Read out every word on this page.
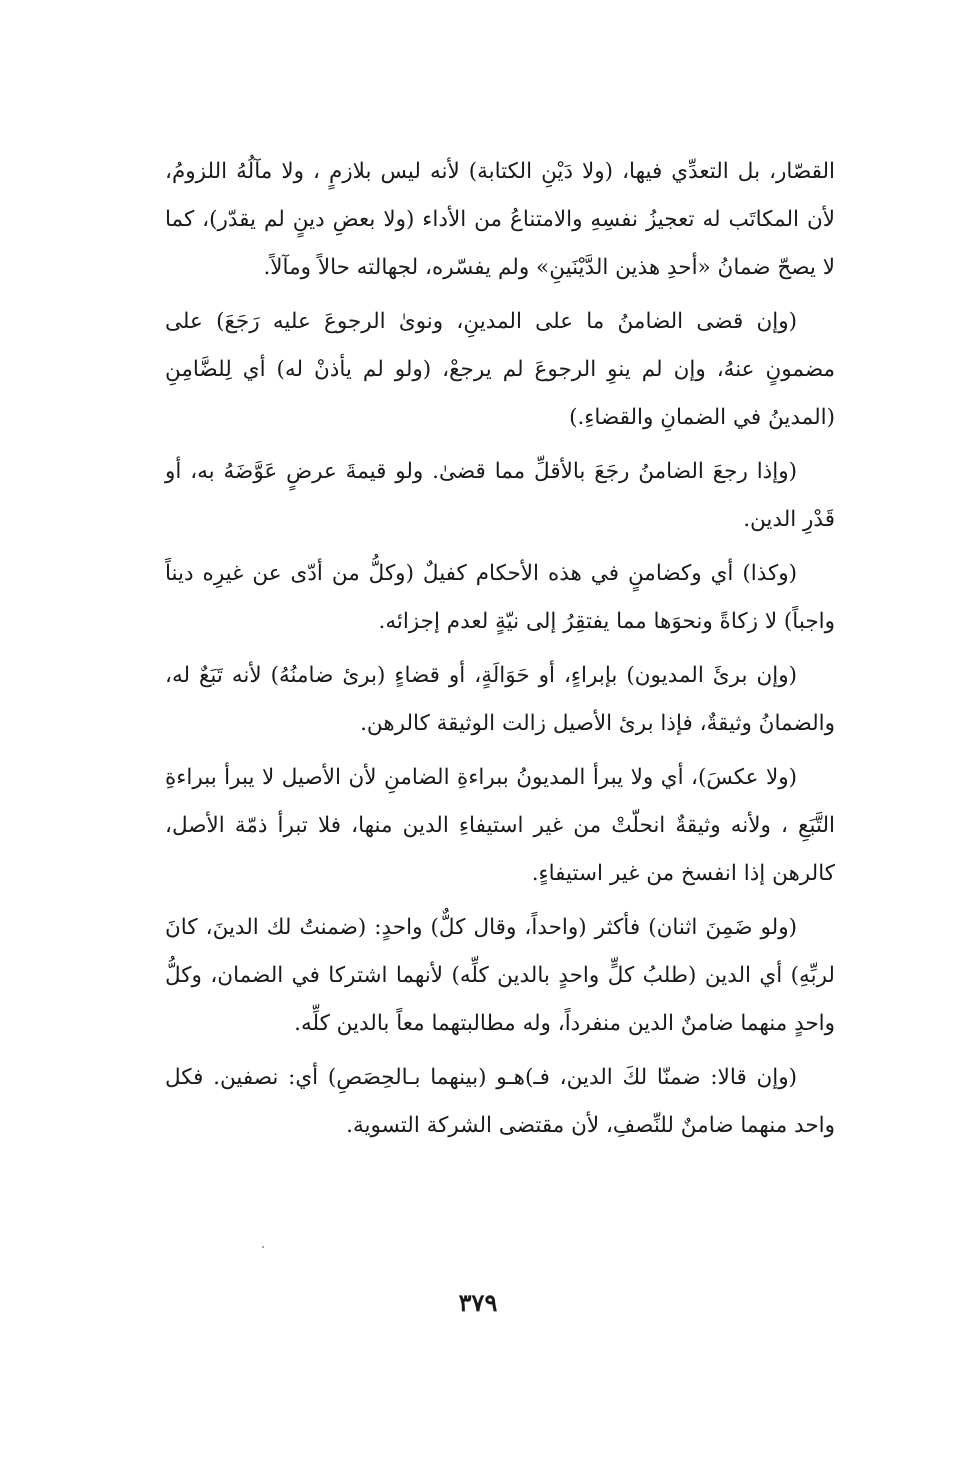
القصّار، بل التعدِّي فيها، (ولا دَيْنِ الكتابة) لأنه ليس بلازمٍ ، ولا مآلُهُ اللزومُ، لأن المكاتَب له تعجيزُ نفسِهِ والامتناعُ من الأداء (ولا بعضِ دينٍ لم يقدّر)، كما لا يصحّ ضمانُ «أحدِ هذين الدَّيْنَينِ» ولم يفسّره، لجهالته حالاً ومآلاً.

(وإن قضى الضامنُ ما على المدينِ، ونوىٰ الرجوعَ عليه رَجَعَ) على مضمونٍ عنهُ، وإن لم ينوِ الرجوعَ لم يرجعْ، (ولو لم يأذنْ له) أي لِلضَّامِنِ (المدينُ في الضمانِ والقضاءِ.)

(وإذا رجعَ الضامنُ رجَعَ بالأقلِّ مما قضىٰ. ولو قيمةَ عرضٍ عَوَّضَهُ به، أو قَدْرِ الدين.

(وكذا) أي وكضامنٍ في هذه الأحكام كفيلٌ (وكلُّ من أدّى عن غيرِه ديناً واجباً) لا زكاةً ونحوَها مما يفتقِرُ إلى نيّةٍ لعدم إجزائه.

(وإن برئَ المديون) بإبراءٍ، أو حَوَالَةٍ، أو قضاءٍ (برئ ضامنُهُ) لأنه تَبَعٌ له، والضمانُ وثيقةٌ، فإذا برئ الأصيل زالت الوثيقة كالرهن.

(ولا عكسَ)، أي ولا يبرأ المديونُ ببراءةِ الضامنِ لأن الأصيل لا يبرأ ببراءةِ التَّبَعِ ، ولأنه وثيقةٌ انحلّتْ من غير استيفاءِ الدين منها، فلا تبرأ ذمّة الأصل، كالرهن إذا انفسخ من غير استيفاءٍ.

(ولو ضَمِنَ اثنان) فأكثر (واحداً، وقال كلٌّ) واحدٍ: (ضمنتُ لك الدينَ، كانَ لربِّهِ) أي الدين (طلبُ كلٍّ واحدٍ بالدين كلِّه) لأنهما اشتركا في الضمان، وكلُّ واحدٍ منهما ضامنٌ الدين منفرداً، وله مطالبتهما معاً بالدين كلِّه.

(وإن قالا: ضمنّا لكَ الدين، فـ)هـو (بينهما بـالحِصَصِ) أي: نصفين. فكل واحد منهما ضامنٌ للنِّصفِ، لأن مقتضى الشركة التسوية.

٣٧٩
